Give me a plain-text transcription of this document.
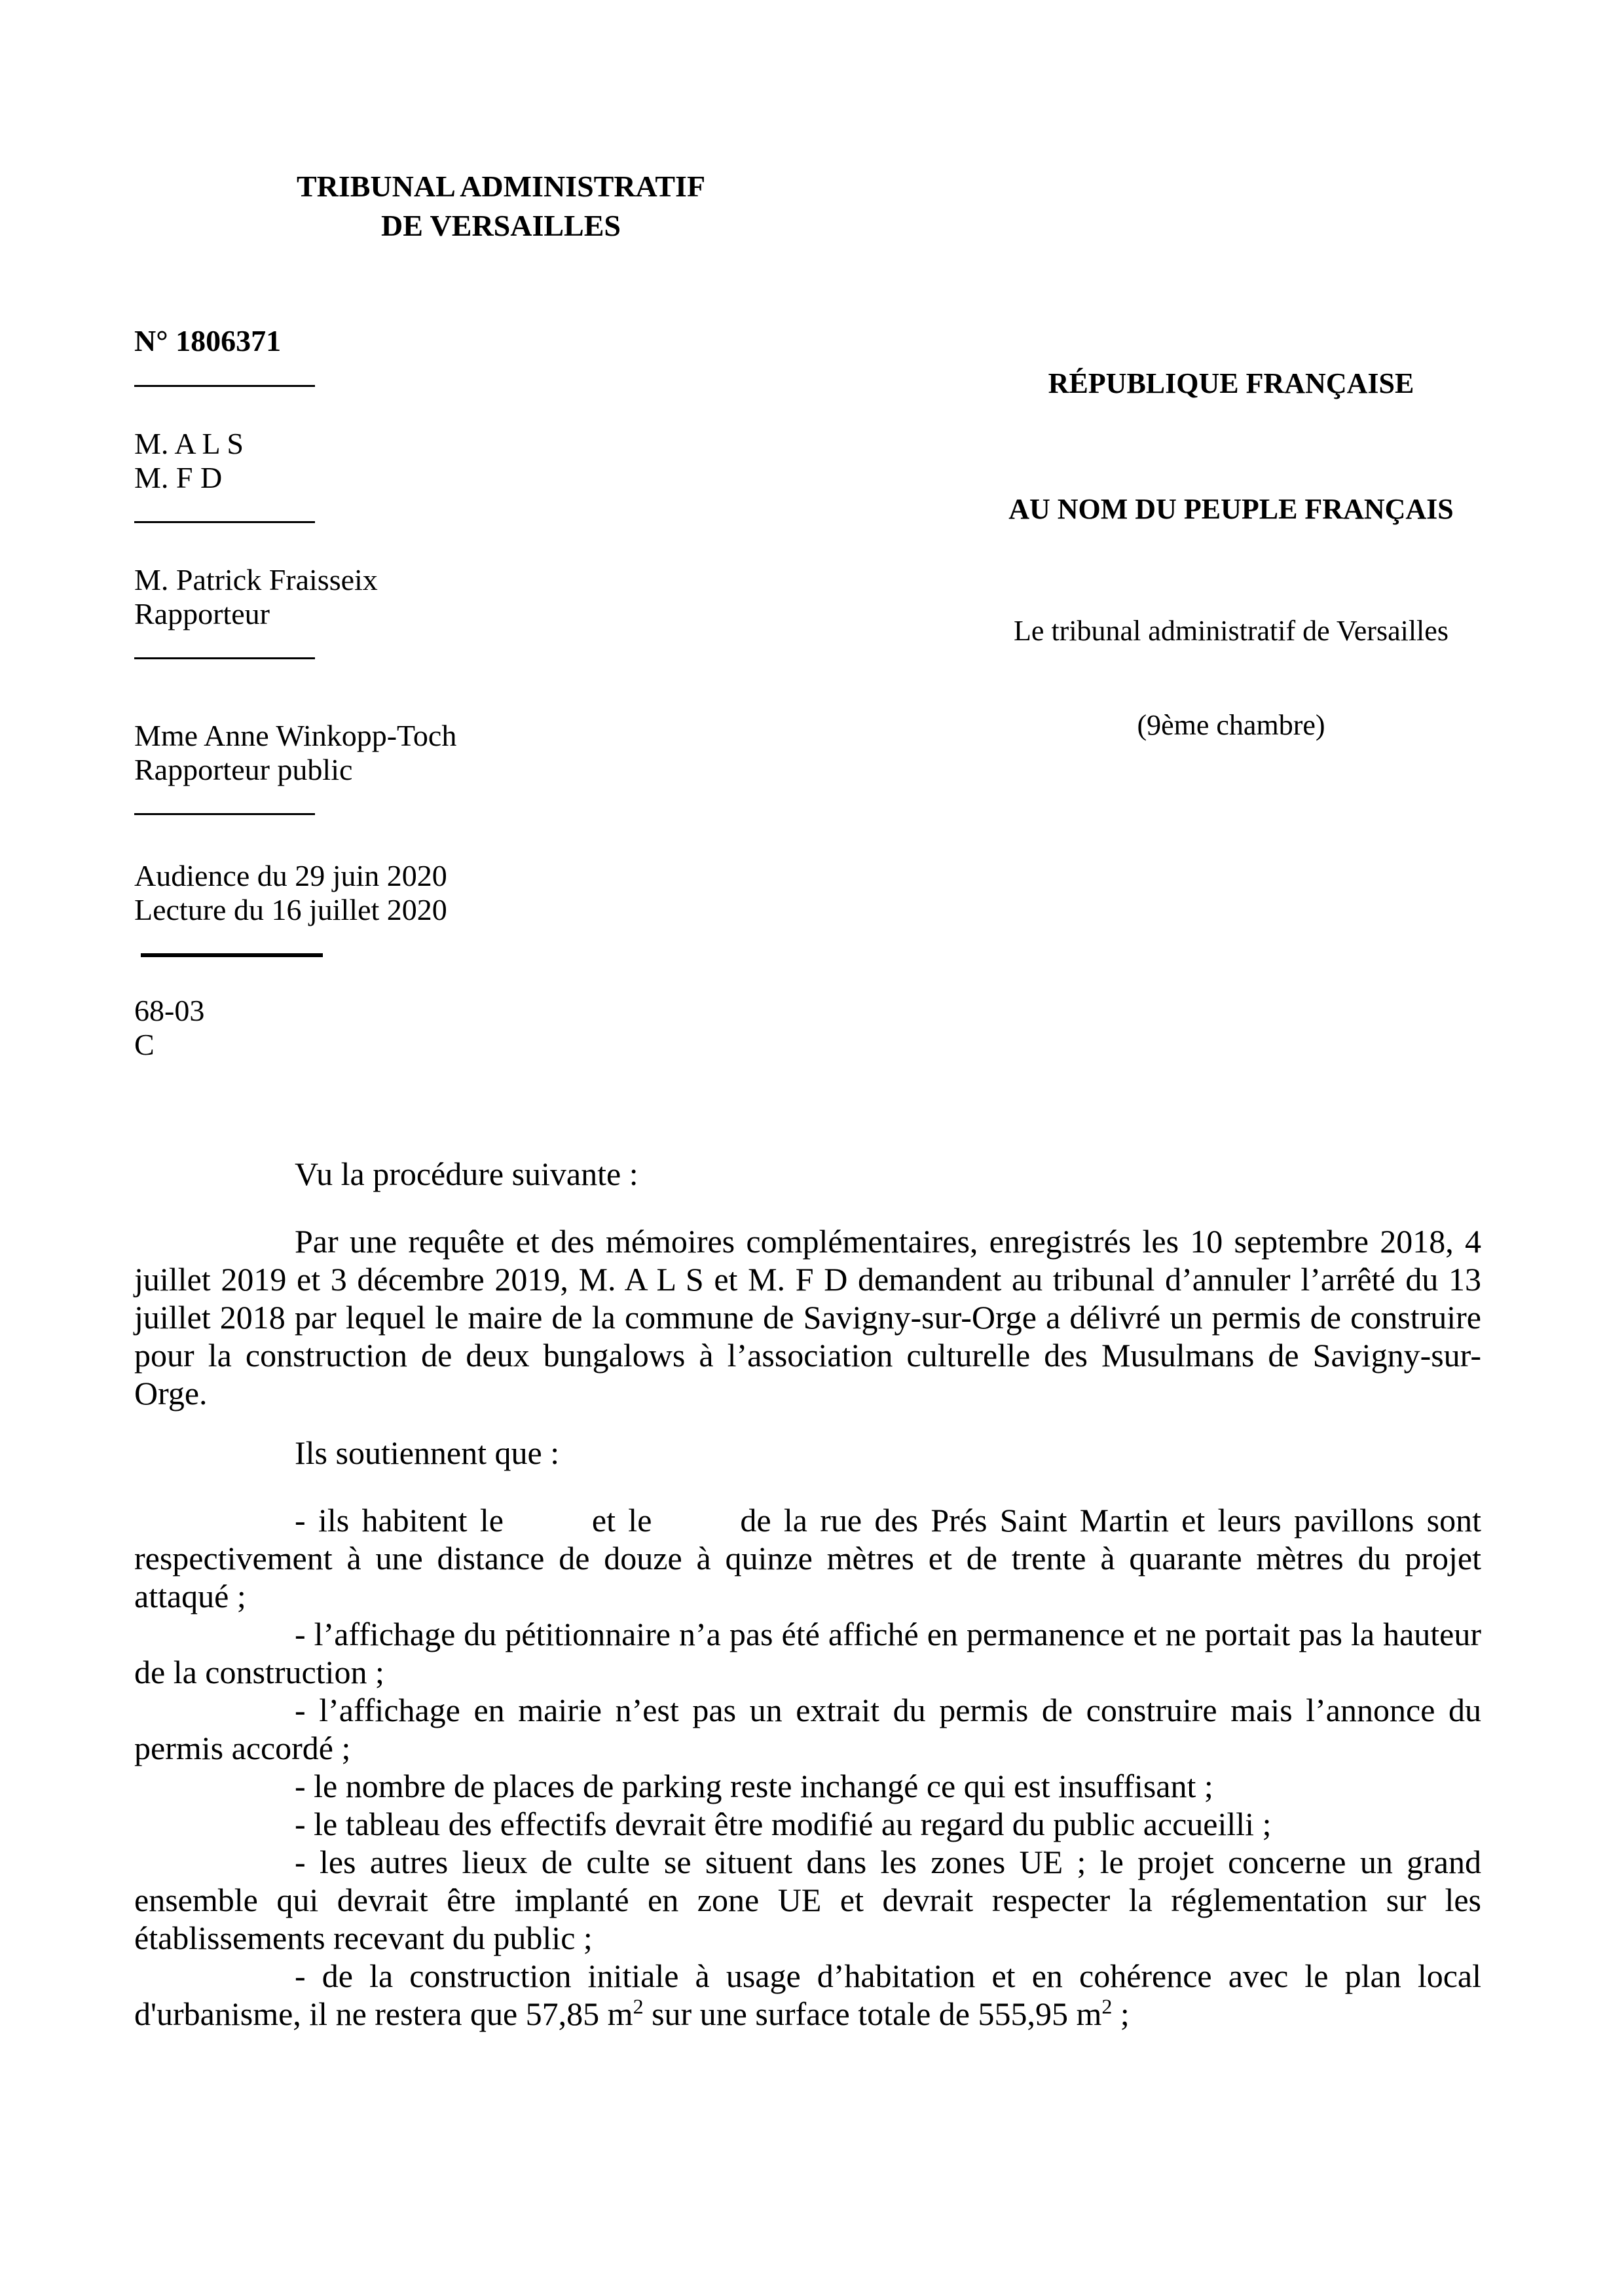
TRIBUNAL ADMINISTRATIF
DE VERSAILLES
N° 1806371
M. A L S
M. F D
M. Patrick Fraisseix
Rapporteur
Mme Anne Winkopp-Toch
Rapporteur public
Audience du 29 juin 2020
Lecture du 16 juillet 2020
68-03
C
RÉPUBLIQUE FRANÇAISE
AU NOM DU PEUPLE FRANÇAIS
Le tribunal administratif de Versailles
(9ème chambre)

Vu la procédure suivante :

Par une requête et des mémoires complémentaires, enregistrés les 10 septembre 2018, 4 juillet 2019 et 3 décembre 2019, M. A L S et M. F D demandent au tribunal d’annuler l’arrêté du 13 juillet 2018 par lequel le maire de la commune de Savigny-sur-Orge a délivré un permis de construire pour la construction de deux bungalows à l’association culturelle des Musulmans de Savigny-sur-Orge.

Ils soutiennent que :

- ils habitent le       et le       de la rue des Prés Saint Martin et leurs pavillons sont respectivement à une distance de douze à quinze mètres et de trente à quarante mètres du projet attaqué ;

- l’affichage du pétitionnaire n’a pas été affiché en permanence et ne portait pas la hauteur de la construction ;

- l’affichage en mairie n’est pas un extrait du permis de construire mais l’annonce du permis accordé ;

- le nombre de places de parking reste inchangé ce qui est insuffisant ;

- le tableau des effectifs devrait être modifié au regard du public accueilli ;

- les autres lieux de culte se situent dans les zones UE ; le projet concerne un grand ensemble qui devrait être implanté en zone UE et devrait respecter la réglementation sur les établissements recevant du public ;

- de la construction initiale à usage d’habitation et en cohérence avec le plan local d'urbanisme, il ne restera que 57,85 $m^2$ sur une surface totale de 555,95 $m^2$ ;
